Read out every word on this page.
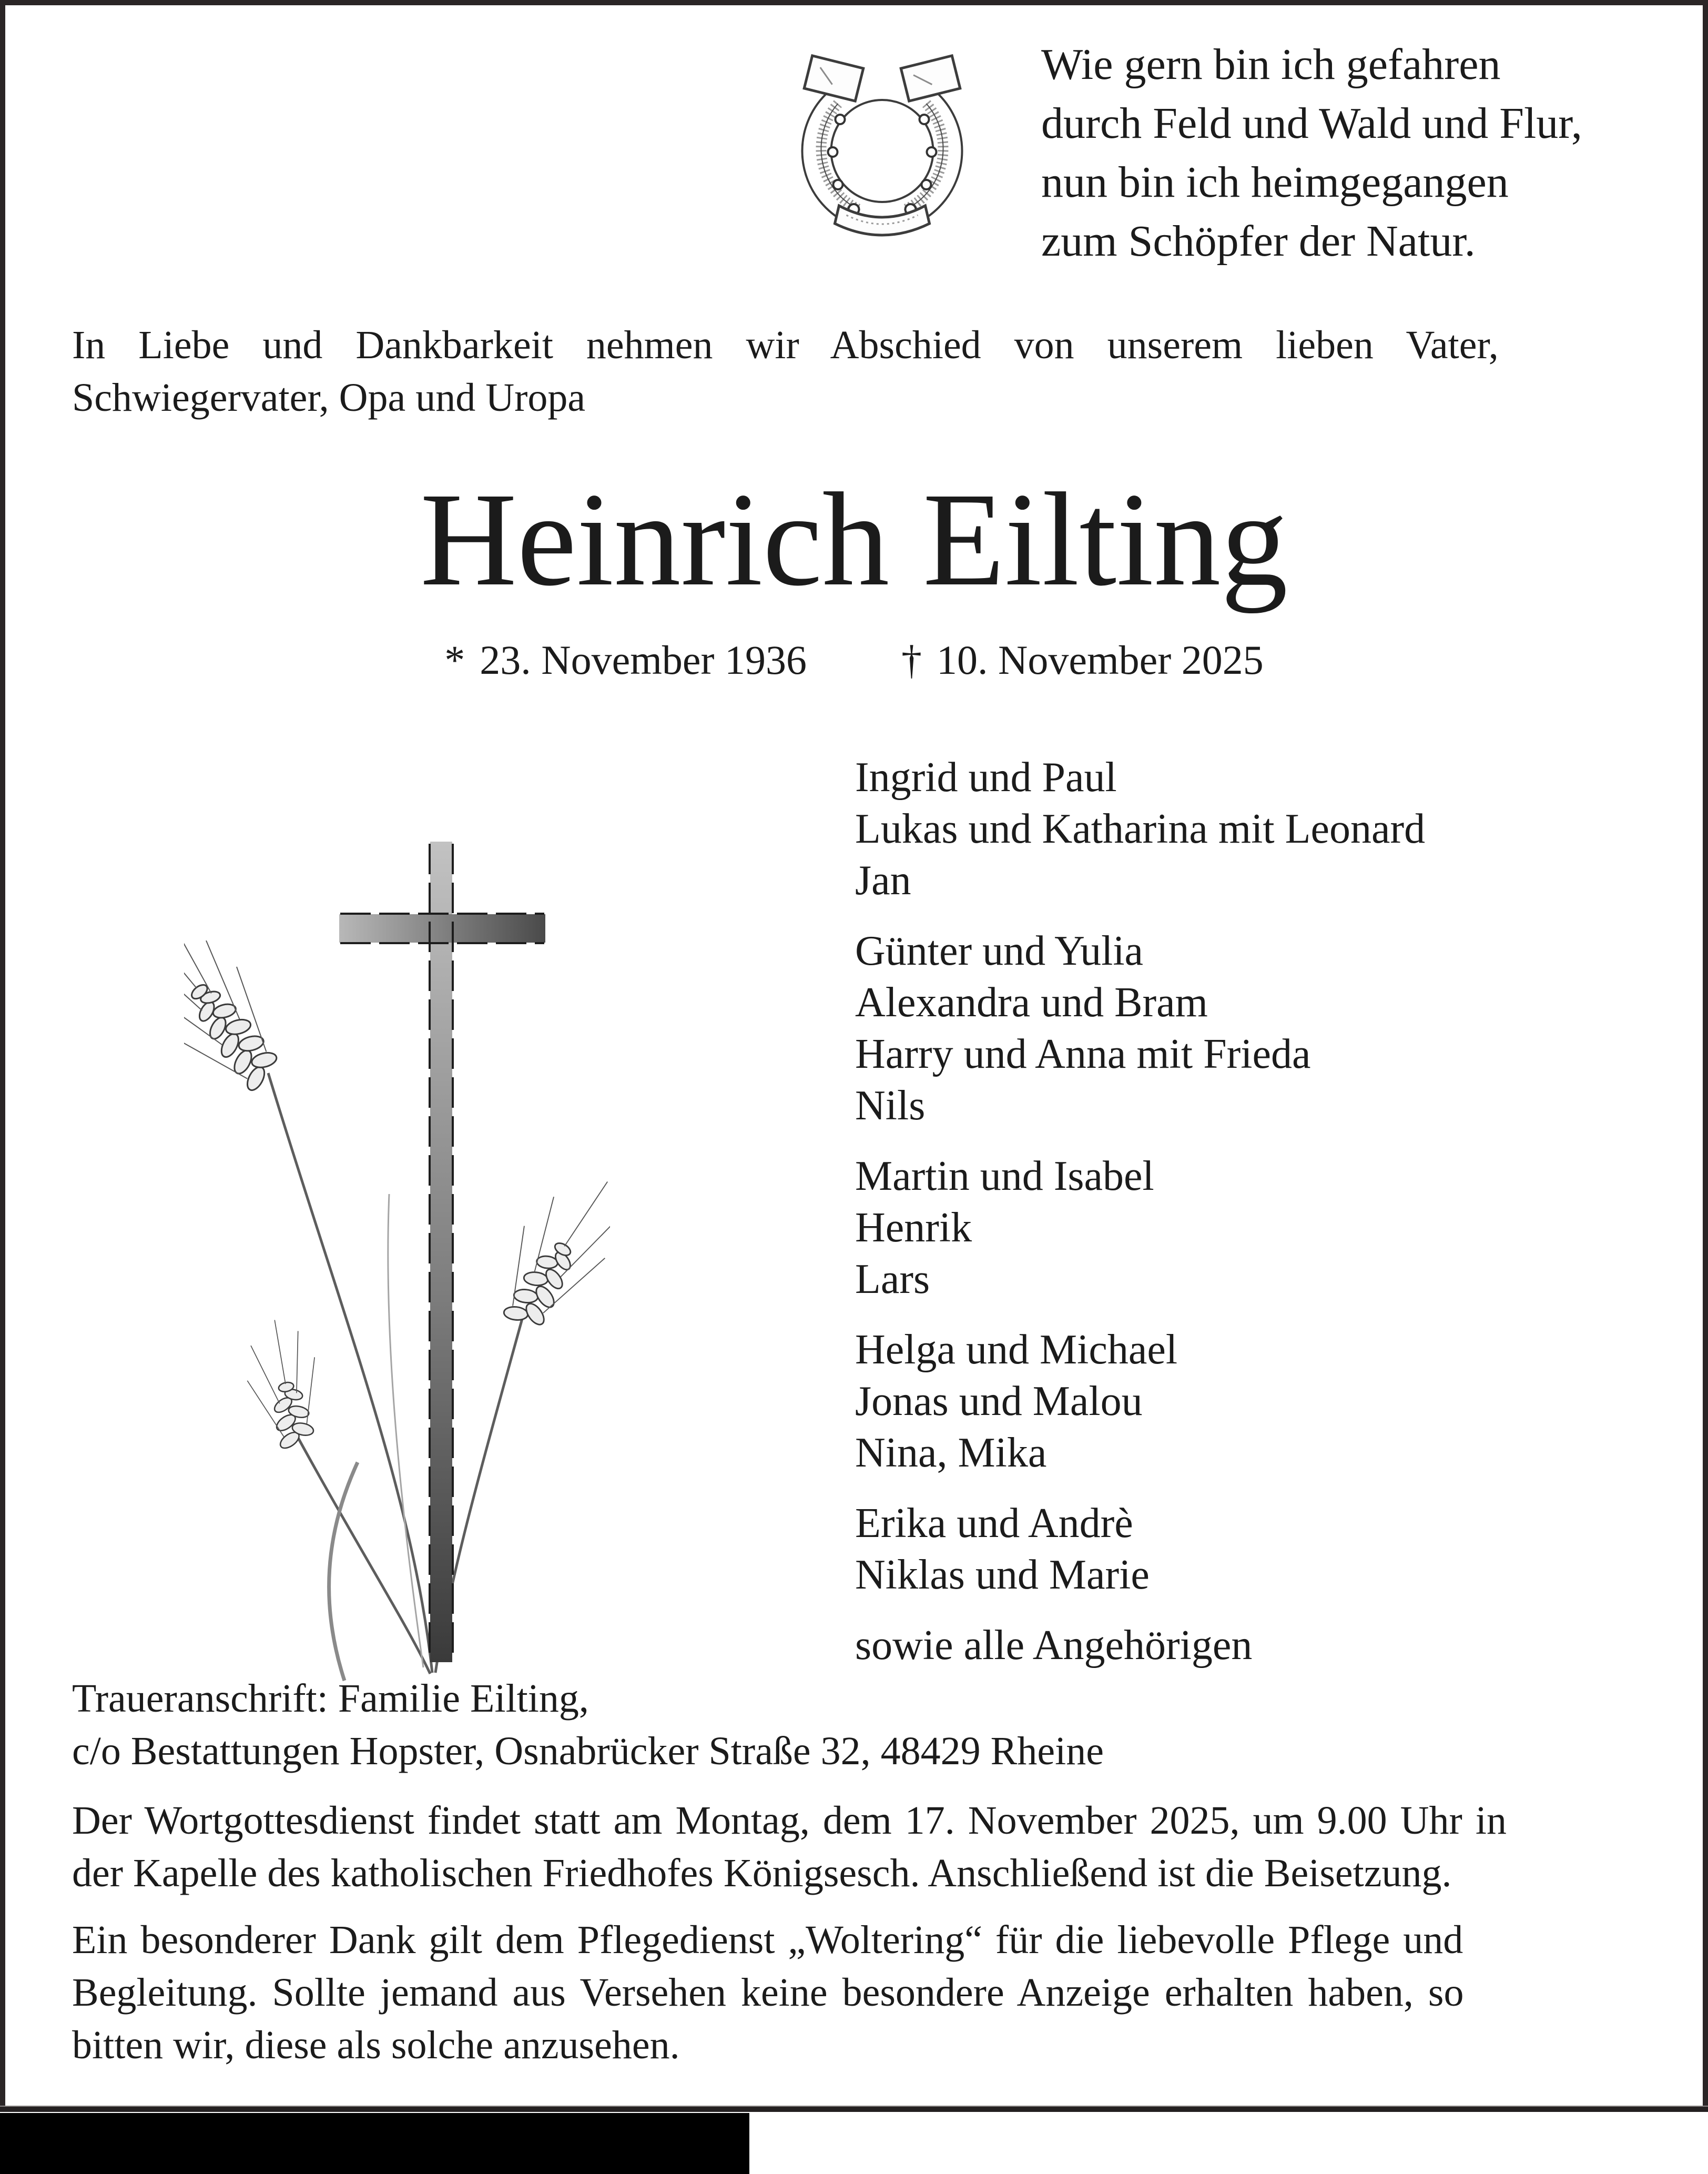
Wie gern bin ich gefahren
durch Feld und Wald und Flur,
nun bin ich heimgegangen
zum Schöpfer der Natur.
In Liebe und Dankbarkeit nehmen wir Abschied von unserem lieben Vater,
Schwiegervater, Opa und Uropa
Heinrich Eilting
* 23. November 1936 † 10. November 2025
Ingrid und Paul
Lukas und Katharina mit Leonard
Jan
Günter und Yulia
Alexandra und Bram
Harry und Anna mit Frieda
Nils
Martin und Isabel
Henrik
Lars
Helga und Michael
Jonas und Malou
Nina, Mika
Erika und Andrè
Niklas und Marie
sowie alle Angehörigen
Traueranschrift: Familie Eilting,
c/o Bestattungen Hopster, Osnabrücker Straße 32, 48429 Rheine
Der Wortgottesdienst findet statt am Montag, dem 17. November 2025, um 9.00 Uhr in
der Kapelle des katholischen Friedhofes Königsesch. Anschließend ist die Beisetzung.
Ein besonderer Dank gilt dem Pflegedienst „Woltering“ für die liebevolle Pflege und
Begleitung. Sollte jemand aus Versehen keine besondere Anzeige erhalten haben, so
bitten wir, diese als solche anzusehen.
